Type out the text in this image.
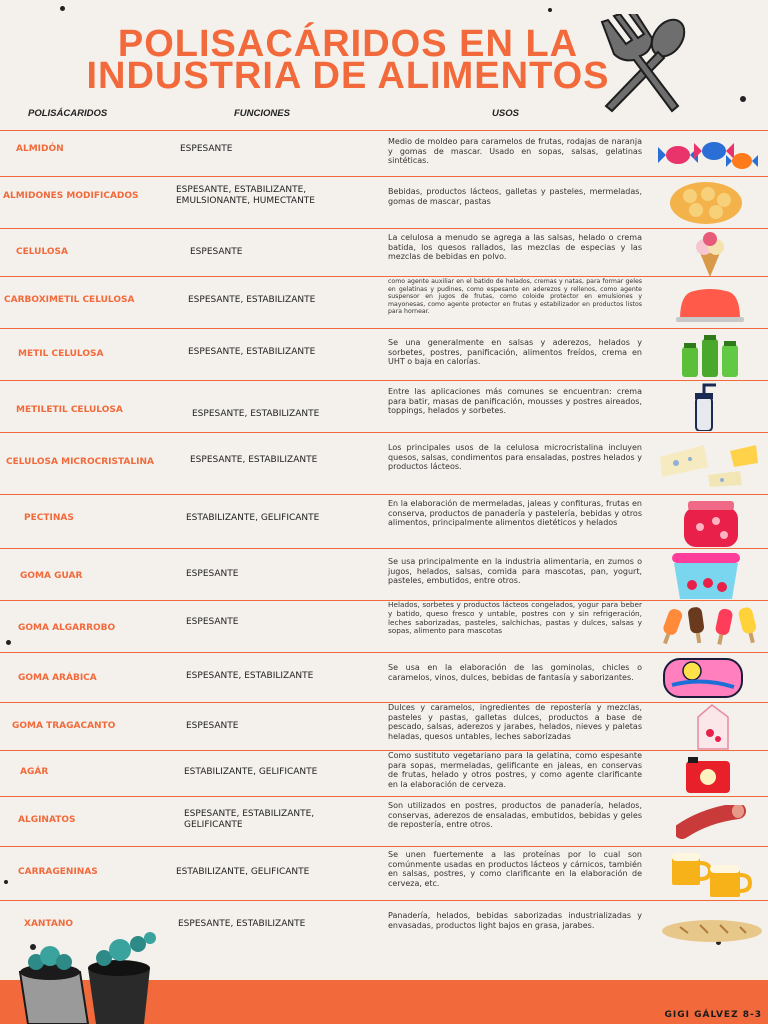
POLISACÁRIDOS EN LA
INDUSTRIA DE ALIMENTOS
POLISÁCARIDOS	FUNCIONES	USOS
ALMIDÓN	ESPESANTE
Medio de moldeo para caramelos de frutas, rodajas de naranja y gomas de mascar. Usado en sopas, salsas, gelatinas sintéticas.
ALMIDONES MODIFICADOS
ESPESANTE, ESTABILIZANTE, EMULSIONANTE, HUMECTANTE
Bebidas, productos lácteos, galletas y pasteles, mermeladas, gomas de mascar, pastas
CELULOSA	ESPESANTE
La celulosa a menudo se agrega a las salsas, helado o crema batida, los quesos rallados, las mezclas de especias y las mezclas de bebidas en polvo.
CARBOXIMETIL CELULOSA	ESPESANTE, ESTABILIZANTE
como agente auxiliar en el batido de helados, cremas y natas, para formar geles en gelatinas y pudines, como espesante en aderezos y rellenos, como agente suspensor en jugos de frutas, como coloide protector en emulsiones y mayonesas, como agente protector en frutas y estabilizador en productos listos para hornear.
METIL CELULOSA	ESPESANTE, ESTABILIZANTE
Se una generalmente en salsas y aderezos, helados y sorbetes, postres, panificación, alimentos freídos, crema en UHT o baja en calorías.
METILETIL CELULOSA	ESPESANTE, ESTABILIZANTE
Entre las aplicaciones más comunes se encuentran: crema para batir, masas de panificación, mousses y postres aireados, toppings, helados y sorbetes.
CELULOSA MICROCRISTALINA	ESPESANTE, ESTABILIZANTE
Los principales usos de la celulosa microcristalina incluyen quesos, salsas, condimentos para ensaladas, postres helados y productos lácteos.
PECTINAS	ESTABILIZANTE, GELIFICANTE
En la elaboración de mermeladas, jaleas y confituras, frutas en conserva, productos de panadería y pastelería, bebidas y otros alimentos, principalmente alimentos dietéticos y helados
GOMA GUAR	ESPESANTE
Se usa principalmente en la industria alimentaria, en zumos o jugos, helados, salsas, comida para mascotas, pan, yogurt, pasteles, embutidos, entre otros.
GOMA ALGARROBO
ESPESANTE
Helados, sorbetes y productos lácteos congelados, yogur para beber y batido, queso fresco y untable, postres con y sin refrigeración, leches saborizadas, pasteles, salchichas, pastas y dulces, salsas y sopas, alimento para mascotas
GOMA ARÁBICA	ESPESANTE, ESTABILIZANTE
Se usa en la elaboración de las gominolas, chicles o caramelos, vinos, dulces, bebidas de fantasía y saborizantes.
GOMA TRAGACANTO	ESPESANTE
Dulces y caramelos, ingredientes de repostería y mezclas, pasteles y pastas, galletas dulces, productos a base de pescado, salsas, aderezos y jarabes, helados, nieves y paletas heladas, quesos untables, leches saborizadas
AGÁR	ESTABILIZANTE, GELIFICANTE
Como sustituto vegetariano para la gelatina, como espesante para sopas, mermeladas, gelificante en jaleas, en conservas de frutas, helado y otros postres, y como agente clarificante en la elaboración de cerveza.
ALGINATOS
ESPESANTE, ESTABILIZANTE, GELIFICANTE
Son utilizados en postres, productos de panadería, helados, conservas, aderezos de ensaladas, embutidos, bebidas y geles de repostería, entre otros.
CARRAGENINAS	ESTABILIZANTE, GELIFICANTE
Se unen fuertemente a las proteínas por lo cual son comúnmente usadas en productos lácteos y cárnicos, también en salsas, postres, y como clarificante en la elaboración de cerveza, etc.
XANTANO	ESPESANTE, ESTABILIZANTE
Panadería, helados, bebidas saborizadas industrializadas y envasadas, productos light bajos en grasa, jarabes.
GIGI GÁLVEZ 8-3
